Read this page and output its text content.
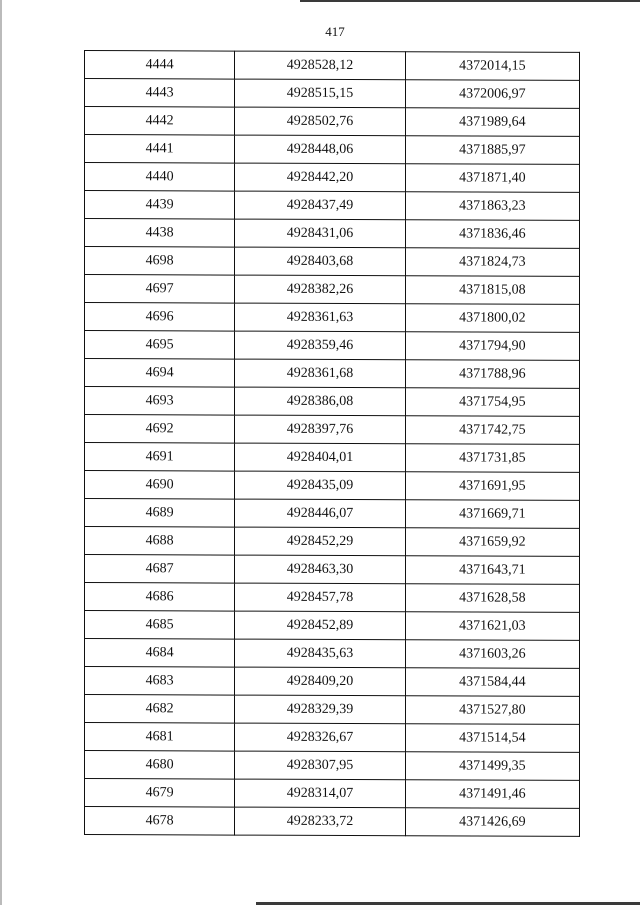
417
4444	4928528,12	4372014,15
4443	4928515,15	4372006,97
4442	4928502,76	4371989,64
4441	4928448,06	4371885,97
4440	4928442,20	4371871,40
4439	4928437,49	4371863,23
4438	4928431,06	4371836,46
4698	4928403,68	4371824,73
4697	4928382,26	4371815,08
4696	4928361,63	4371800,02
4695	4928359,46	4371794,90
4694	4928361,68	4371788,96
4693	4928386,08	4371754,95
4692	4928397,76	4371742,75
4691	4928404,01	4371731,85
4690	4928435,09	4371691,95
4689	4928446,07	4371669,71
4688	4928452,29	4371659,92
4687	4928463,30	4371643,71
4686	4928457,78	4371628,58
4685	4928452,89	4371621,03
4684	4928435,63	4371603,26
4683	4928409,20	4371584,44
4682	4928329,39	4371527,80
4681	4928326,67	4371514,54
4680	4928307,95	4371499,35
4679	4928314,07	4371491,46
4678	4928233,72	4371426,69
